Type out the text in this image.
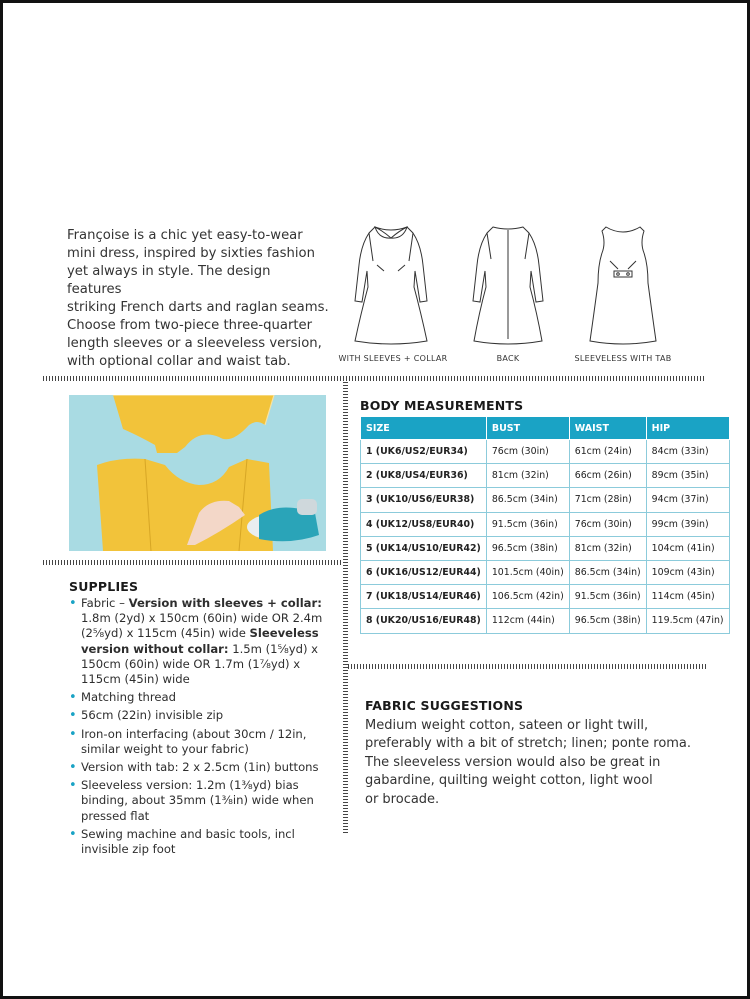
Françoise is a chic yet easy-to-wear
mini dress, inspired by sixties fashion
yet always in style. The design features
striking French darts and raglan seams.
Choose from two-piece three-quarter
length sleeves or a sleeveless version,
with optional collar and waist tab.	WITH SLEEVES + COLLAR	BACK	SLEEVELESS WITH TAB
SUPPLIES
• Fabric – Version with sleeves + collar: 1.8m (2yd) x 150cm (60in) wide OR 2.4m (2⅝yd) x 115cm (45in) wide Sleeveless version without collar: 1.5m (1⅝yd) x 150cm (60in) wide OR 1.7m (1⅞yd) x 115cm (45in) wide
• Matching thread
• 56cm (22in) invisible zip
• Iron-on interfacing (about 30cm / 12in, similar weight to your fabric)
• Version with tab: 2 x 2.5cm (1in) buttons
• Sleeveless version: 1.2m (1⅜yd) bias binding, about 35mm (1⅜in) wide when pressed flat
• Sewing machine and basic tools, incl invisible zip foot
BODY MEASUREMENTS
SIZE	BUST	WAIST	HIP
1 (UK6/US2/EUR34)	76cm (30in)	61cm (24in)	84cm (33in)
2 (UK8/US4/EUR36)	81cm (32in)	66cm (26in)	89cm (35in)
3 (UK10/US6/EUR38)	86.5cm (34in)	71cm (28in)	94cm (37in)
4 (UK12/US8/EUR40)	91.5cm (36in)	76cm (30in)	99cm (39in)
5 (UK14/US10/EUR42)	96.5cm (38in)	81cm (32in)	104cm (41in)
6 (UK16/US12/EUR44)	101.5cm (40in)	86.5cm (34in)	109cm (43in)
7 (UK18/US14/EUR46)	106.5cm (42in)	91.5cm (36in)	114cm (45in)
8 (UK20/US16/EUR48)	112cm (44in)	96.5cm (38in)	119.5cm (47in)
FABRIC SUGGESTIONS
Medium weight cotton, sateen or light twill,
preferably with a bit of stretch; linen; ponte roma.
The sleeveless version would also be great in
gabardine, quilting weight cotton, light wool
or brocade.
